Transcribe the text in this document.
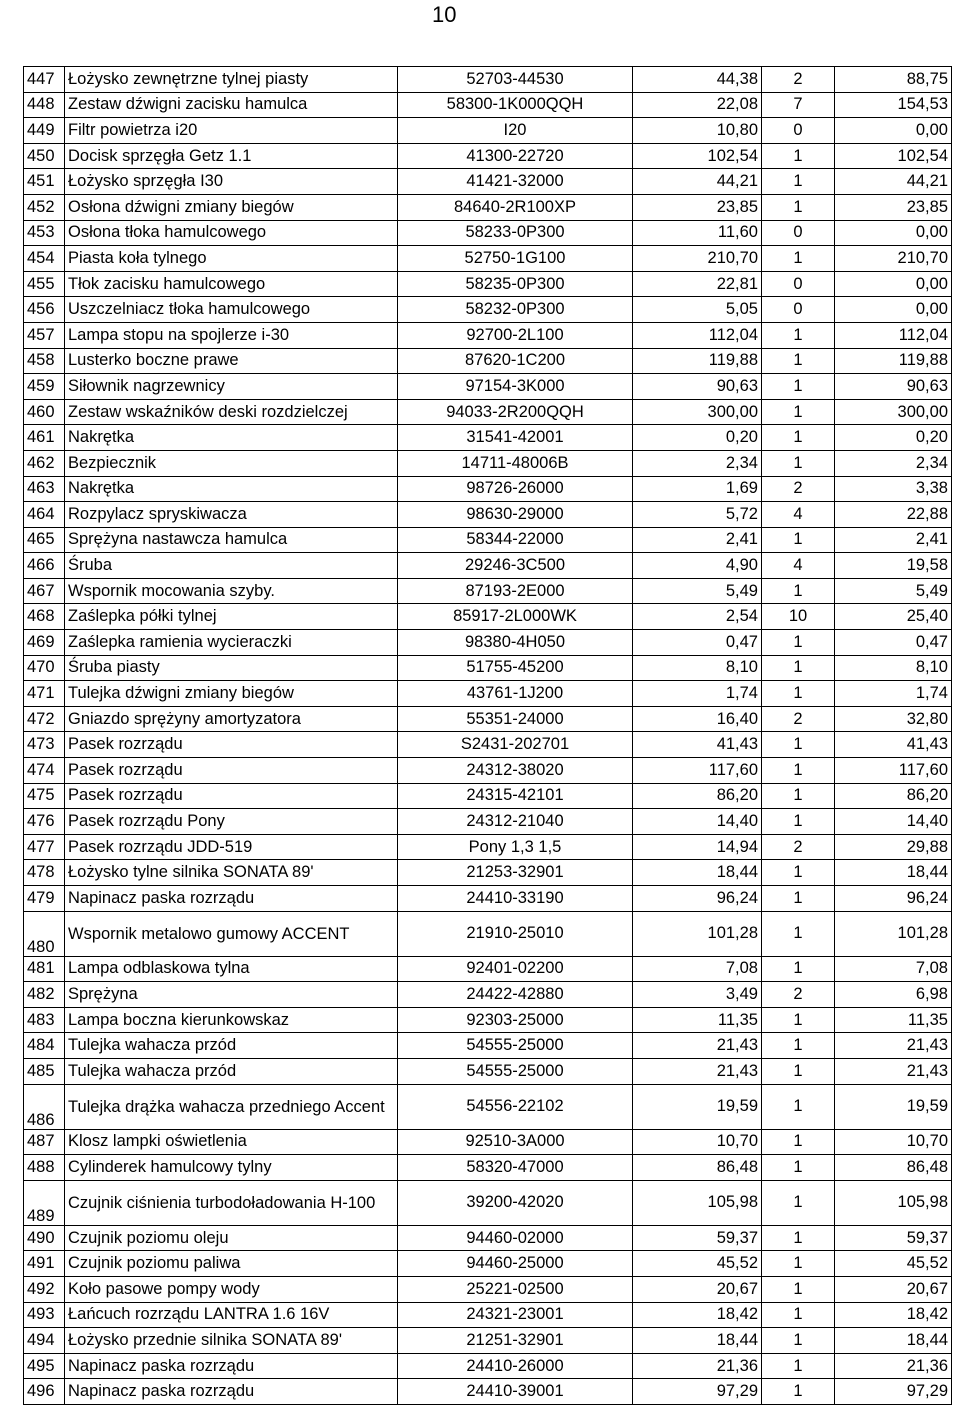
10
447	Łożysko zewnętrzne tylnej piasty	52703-44530	44,38	2	88,75
448	Zestaw dźwigni zacisku hamulca	58300-1K000QQH	22,08	7	154,53
449	Filtr powietrza i20	I20	10,80	0	0,00
450	Docisk sprzęgła Getz 1.1	41300-22720	102,54	1	102,54
451	Łożysko sprzęgła I30	41421-32000	44,21	1	44,21
452	Osłona dźwigni zmiany biegów	84640-2R100XP	23,85	1	23,85
453	Osłona tłoka hamulcowego	58233-0P300	11,60	0	0,00
454	Piasta koła tylnego	52750-1G100	210,70	1	210,70
455	Tłok zacisku hamulcowego	58235-0P300	22,81	0	0,00
456	Uszczelniacz tłoka hamulcowego	58232-0P300	5,05	0	0,00
457	Lampa stopu na spojlerze i-30	92700-2L100	112,04	1	112,04
458	Lusterko boczne prawe	87620-1C200	119,88	1	119,88
459	Siłownik nagrzewnicy	97154-3K000	90,63	1	90,63
460	Zestaw wskaźników deski rozdzielczej	94033-2R200QQH	300,00	1	300,00
461	Nakrętka	31541-42001	0,20	1	0,20
462	Bezpiecznik	14711-48006B	2,34	1	2,34
463	Nakrętka	98726-26000	1,69	2	3,38
464	Rozpylacz spryskiwacza	98630-29000	5,72	4	22,88
465	Sprężyna nastawcza hamulca	58344-22000	2,41	1	2,41
466	Śruba	29246-3C500	4,90	4	19,58
467	Wspornik mocowania szyby.	87193-2E000	5,49	1	5,49
468	Zaślepka półki tylnej	85917-2L000WK	2,54	10	25,40
469	Zaślepka ramienia wycieraczki	98380-4H050	0,47	1	0,47
470	Śruba piasty	51755-45200	8,10	1	8,10
471	Tulejka dźwigni zmiany biegów	43761-1J200	1,74	1	1,74
472	Gniazdo sprężyny amortyzatora	55351-24000	16,40	2	32,80
473	Pasek rozrządu	S2431-202701	41,43	1	41,43
474	Pasek rozrządu	24312-38020	117,60	1	117,60
475	Pasek rozrządu	24315-42101	86,20	1	86,20
476	Pasek rozrządu Pony	24312-21040	14,40	1	14,40
477	Pasek rozrządu JDD-519	Pony 1,3 1,5	14,94	2	29,88
478	Łożysko tylne silnika SONATA 89'	21253-32901	18,44	1	18,44
479	Napinacz paska rozrządu	24410-33190	96,24	1	96,24
480	Wspornik metalowo gumowy ACCENT	21910-25010	101,28	1	101,28
481	Lampa odblaskowa tylna	92401-02200	7,08	1	7,08
482	Sprężyna	24422-42880	3,49	2	6,98
483	Lampa boczna kierunkowskaz	92303-25000	11,35	1	11,35
484	Tulejka wahacza przód	54555-25000	21,43	1	21,43
485	Tulejka wahacza przód	54555-25000	21,43	1	21,43
486	Tulejka drążka wahacza przedniego Accent	54556-22102	19,59	1	19,59
487	Klosz lampki oświetlenia	92510-3A000	10,70	1	10,70
488	Cylinderek hamulcowy tylny	58320-47000	86,48	1	86,48
489	Czujnik ciśnienia turbodoładowania H-100	39200-42020	105,98	1	105,98
490	Czujnik poziomu oleju	94460-02000	59,37	1	59,37
491	Czujnik poziomu paliwa	94460-25000	45,52	1	45,52
492	Koło pasowe pompy wody	25221-02500	20,67	1	20,67
493	Łańcuch rozrządu LANTRA 1.6 16V	24321-23001	18,42	1	18,42
494	Łożysko przednie silnika SONATA 89'	21251-32901	18,44	1	18,44
495	Napinacz paska rozrządu	24410-26000	21,36	1	21,36
496	Napinacz paska rozrządu	24410-39001	97,29	1	97,29
